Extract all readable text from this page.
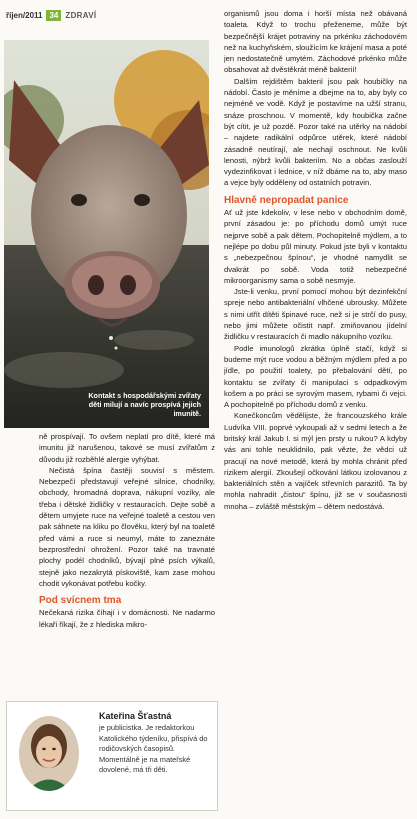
říjen/2011 34 ZDRAVÍ
Kontakt s hospodářskými zvířaty děti milují a navíc prospívá jejich imunitě.

ně prospívají. To ovšem neplatí pro dítě, které má imunitu již narušenou, takové se musí zvířatům z důvodu již rozběhlé alergie vyhýbat.

Nečistá špína častěji souvisí s městem. Nebezpečí představují veřejné silnice, chodníky, obchody, hromadná doprava, nákupní vozíky, ale třeba i dětské židličky v restauracích. Dejte sobě a dětem umyjete ruce na veřejné toaletě a cestou ven pak sáhnete na kliku po člověku, který byl na toaletě před vámi a ruce si neumyl, máte to zaneznáte bezprostřední ohrožení. Pozor také na travnaté plochy podél chodníků, bývají plné psích výkalů, stejně jako nezakrytá pískoviště, kam zase mohou chodit vykonávat potřebu kočky.

Pod svícnem tma

Nečekaná rizika číhají i v domácnosti. Ne nadarmo lékaři říkají, že z hlediska mikro-

Kateřina Šťastná

je publicistka. Je redaktorkou Katolického týdeníku, přispívá do rodičovských časopisů. Momentálně je na mateřské dovolené, má tři děti.

organismů jsou doma i horší místa než obávaná toaleta. Když to trochu přeženeme, může být bezpečnější krájet potraviny na prkénku záchodovém než na kuchyňském, sloužícím ke krájení masa a poté jen nedostatečně umytém. Záchodové prkénko může obsahovat až dvěstěkrát méně bakterií!

Dalším rejdištěm bakterií jsou pak houbičky na nádobí. Často je měníme a dbejme na to, aby byly co nejméně ve vodě. Když je postavíme na užší stranu, snáze proschnou. V momentě, kdy houbička začne být cítit, je už pozdě. Pozor také na utěrky na nádobí – najdete radikální odpůrce utěrek, které nádobí zásadně neutírají, ale nechají oschnout. Ne kvůli lenosti, nýbrž kvůli bakteriím. No a občas zaslouží vydezinfikovat i lednice, v níž dbáme na to, aby maso a vejce byly odděleny od ostatních potravin.

Hlavně nepropadat panice

Ať už jste kdekoliv, v lese nebo v obchodním domě, první zásadou je: po příchodu domů umýt ruce nejprve sobě a pak dětem. Pochopitelně mýdlem, a to nejlépe po dobu půl minuty. Pokud jste byli v kontaktu s „nebezpečnou špínou“, je vhodné namydlit se dvakrát po sobě. Voda totiž nebezpečné mikroorganismy sama o sobě nesmyje.

Jste-li venku, první pomocí mohou být dezinfekční spreje nebo antibakteriální vlhčené ubrousky. Můžete s nimi utřít dítěti špinavé ruce, než si je strčí do pusy, nebo jimi můžete očistit např. zmiňovanou jídelní židličku v restauracích či madlo nákupního vozíku.

Podle imunologů zkrátka úplně stačí, když si budeme mýt ruce vodou a běžným mýdlem před a po jídle, po použití toalety, po přebalování dětí, po kontaktu se zvířaty či manipulaci s odpadkovým košem a po práci se syrovým masem, rybami či vejci. A pochopitelně po příchodu domů z venku.

Konečkoncům vědělijste, že francouzského krále Ludvíka VIII. poprvé vykoupali až v sedmi letech a že britský král Jakub I. si mýl jen prsty u rukou? A kdyby vás ani tohle neuklidnilo, pak vězte, že vědci už pracují na nové metodě, která by mohla chránit před rizikem alergií. Zkoušejí očkování látkou izolovanou z bakteriálních stěn a vajíček střevních parazitů. Ta by mohla nahradit „čistou“ špínu, již se v současnosti mnoha – zvláště městským – dětem nedostává.
